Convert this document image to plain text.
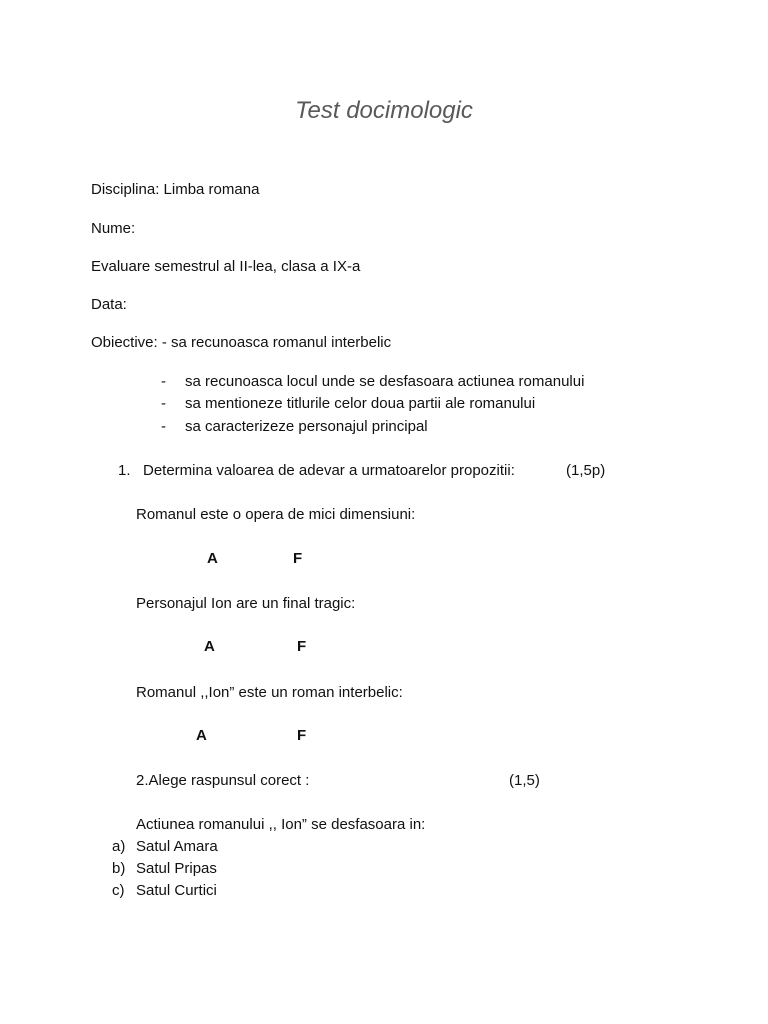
Test docimologic
Disciplina: Limba romana
Nume:
Evaluare semestrul al II-lea, clasa a IX-a
Data:
Obiective: - sa recunoasca romanul interbelic
- sa recunoasca locul unde se desfasoara actiunea romanului
- sa mentioneze titlurile celor doua partii ale romanului
- sa caracterizeze personajul principal
1. Determina valoarea de adevar a urmatoarelor propozitii:	(1,5p)
Romanul este o opera de mici dimensiuni:
A	F
Personajul Ion are un final tragic:
A	F
Romanul ,,Ion” este un roman interbelic:
A	F
2.Alege raspunsul corect :	(1,5)
Actiunea romanului ,, Ion” se desfasoara in:
a) Satul Amara
b) Satul Pripas
c) Satul Curtici
